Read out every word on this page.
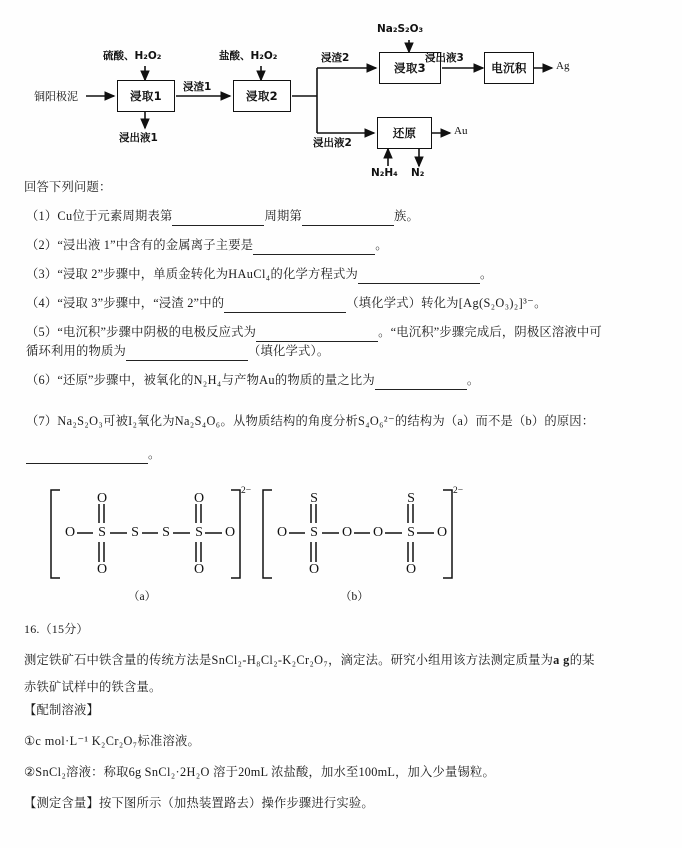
铜阳极泥
硫酸、H₂O₂	盐酸、H₂O₂
Na₂S₂O₃
浸取1	浸取2
浸取3	电沉积
还原
浸渣1
浸渣2
浸出液1	浸出液2
浸出液3
Ag
Au
N₂H₄ N₂

回答下列问题：

（1）Cu位于元素周期表第	周期第	族。

（2）“浸出液 1”中含有的金属离子主要是	。

（3）“浸取 2”步骤中，单质金转化为HAuCl₄的化学方程式为	。

（4）“浸取 3”步骤中，“浸渣 2”中的	（填化学式）转化为[Ag(S₂O₃)₂]³⁻。

（5）“电沉积”步骤中阴极的电极反应式为	。“电沉积”步骤完成后，阴极区溶液中可
循环利用的物质为	（填化学式）。

（6）“还原”步骤中，被氧化的N₂H₄与产物Au的物质的量之比为	。

（7）Na₂S₂O₃可被I₂氧化为Na₂S₄O₆。从物质结构的角度分析S₄O₆²⁻的结构为（a）而不是（b）的原因：

。

O	O
O S S S S O
O	O
2−
（a）
S	S
O S O O S O
O	O
2−
（b）

16.（15分）

测定铁矿石中铁含量的传统方法是SnCl₂-H₈Cl₂-K₂Cr₂O₇，滴定法。研究小组用该方法测定质量为a g的某

赤铁矿试样中的铁含量。

【配制溶液】

①c mol·L⁻¹ K₂Cr₂O₇标准溶液。

②SnCl₂溶液：称取6g SnCl₂·2H₂O 溶于20mL 浓盐酸，加水至100mL，加入少量锡粒。

【测定含量】按下图所示（加热装置路去）操作步骤进行实验。
